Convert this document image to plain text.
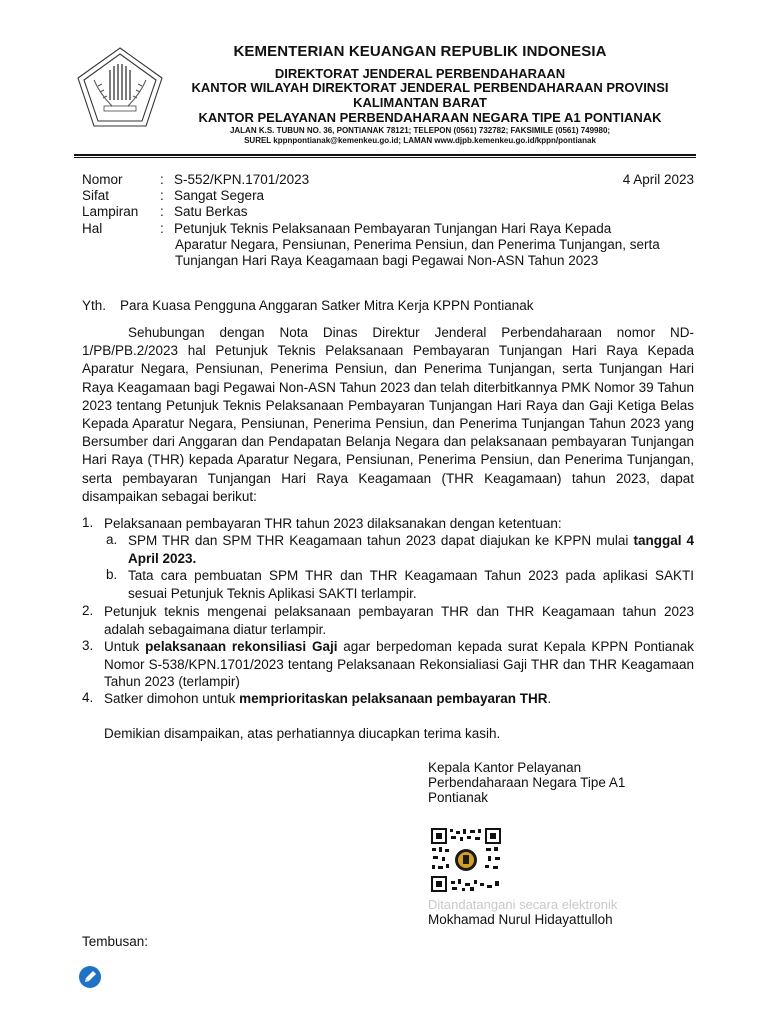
KEMENTERIAN KEUANGAN REPUBLIK INDONESIA
DIREKTORAT JENDERAL PERBENDAHARAAN
KANTOR WILAYAH DIREKTORAT JENDERAL PERBENDAHARAAN PROVINSI
KALIMANTAN BARAT
KANTOR PELAYANAN PERBENDAHARAAN NEGARA TIPE A1 PONTIANAK
JALAN K.S. TUBUN NO. 36, PONTIANAK 78121; TELEPON (0561) 732782; FAKSIMILE (0561) 749980;
SUREL kppnpontianak@kemenkeu.go.id; LAMAN www.djpb.kemenkeu.go.id/kppn/pontianak
Nomor	: S-552/KPN.1701/2023	4 April 2023
Sifat	: Sangat Segera
Lampiran : Satu Berkas
Hal	: Petunjuk Teknis Pelaksanaan Pembayaran Tunjangan Hari Raya Kepada
Aparatur Negara, Pensiunan, Penerima Pensiun, dan Penerima Tunjangan, serta
Tunjangan Hari Raya Keagamaan bagi Pegawai Non-ASN Tahun 2023
Yth. Para Kuasa Pengguna Anggaran Satker Mitra Kerja KPPN Pontianak
Sehubungan dengan Nota Dinas Direktur Jenderal Perbendaharaan nomor ND-1/PB/PB.2/2023 hal Petunjuk Teknis Pelaksanaan Pembayaran Tunjangan Hari Raya Kepada Aparatur Negara, Pensiunan, Penerima Pensiun, dan Penerima Tunjangan, serta Tunjangan Hari Raya Keagamaan bagi Pegawai Non-ASN Tahun 2023 dan telah diterbitkannya PMK Nomor 39 Tahun 2023 tentang Petunjuk Teknis Pelaksanaan Pembayaran Tunjangan Hari Raya dan Gaji Ketiga Belas Kepada Aparatur Negara, Pensiunan, Penerima Pensiun, dan Penerima Tunjangan Tahun 2023 yang Bersumber dari Anggaran dan Pendapatan Belanja Negara dan pelaksanaan pembayaran Tunjangan Hari Raya (THR) kepada Aparatur Negara, Pensiunan, Penerima Pensiun, dan Penerima Tunjangan, serta pembayaran Tunjangan Hari Raya Keagamaan (THR Keagamaan) tahun 2023, dapat disampaikan sebagai berikut:
1. Pelaksanaan pembayaran THR tahun 2023 dilaksanakan dengan ketentuan:
a. SPM THR dan SPM THR Keagamaan tahun 2023 dapat diajukan ke KPPN mulai tanggal 4 April 2023.
b. Tata cara pembuatan SPM THR dan THR Keagamaan Tahun 2023 pada aplikasi SAKTI sesuai Petunjuk Teknis Aplikasi SAKTI terlampir.
2. Petunjuk teknis mengenai pelaksanaan pembayaran THR dan THR Keagamaan tahun 2023 adalah sebagaimana diatur terlampir.
3. Untuk pelaksanaan rekonsiliasi Gaji agar berpedoman kepada surat Kepala KPPN Pontianak Nomor S-538/KPN.1701/2023 tentang Pelaksanaan Rekonsialiasi Gaji THR dan THR Keagamaan Tahun 2023 (terlampir)
4. Satker dimohon untuk memprioritaskan pelaksanaan pembayaran THR.
Demikian disampaikan, atas perhatiannya diucapkan terima kasih.
Kepala Kantor Pelayanan
Perbendaharaan Negara Tipe A1
Pontianak
Ditandatangani secara elektronik
Mokhamad Nurul Hidayattulloh
Tembusan:
